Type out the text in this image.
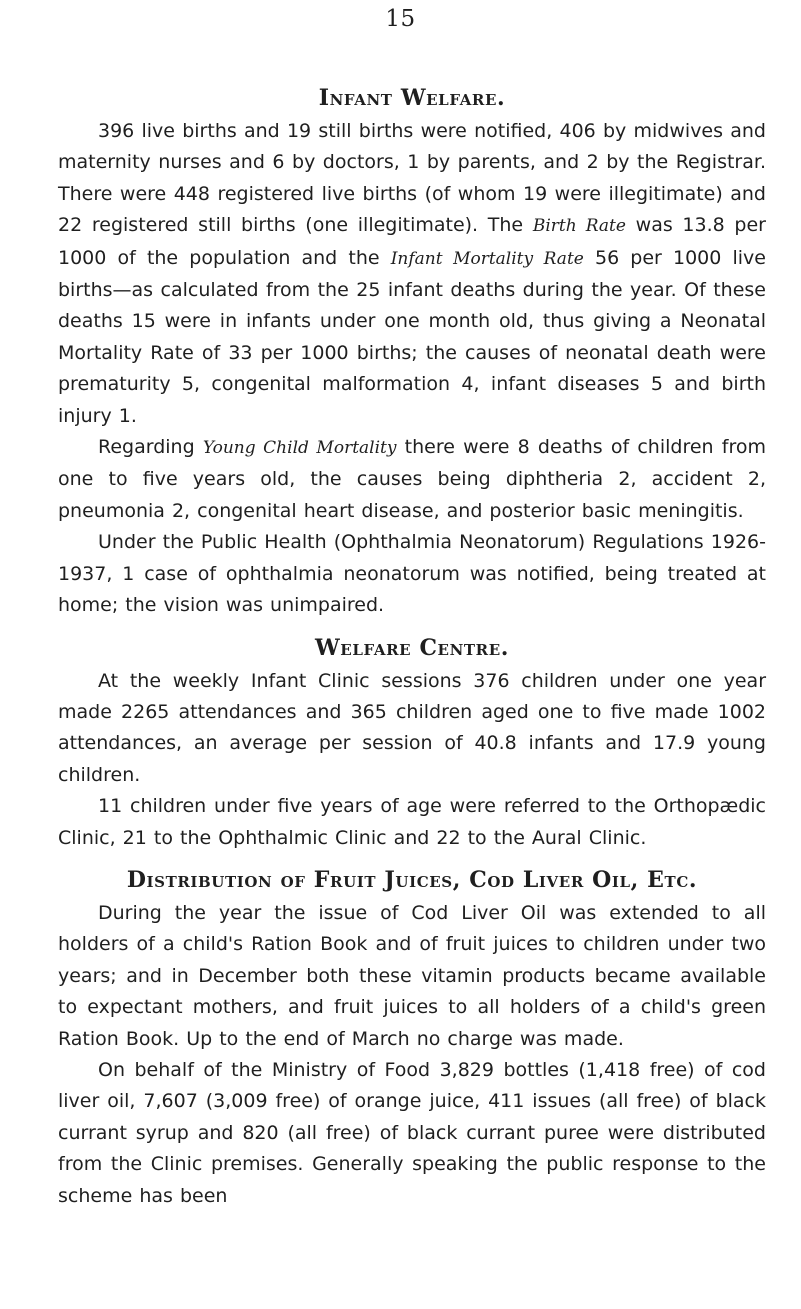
15
Infant Welfare.

396 live births and 19 still births were notified, 406 by midwives and maternity nurses and 6 by doctors, 1 by parents, and 2 by the Registrar. There were 448 registered live births (of whom 19 were illegitimate) and 22 registered still births (one illegitimate). The Birth Rate was 13.8 per 1000 of the population and the Infant Mortality Rate 56 per 1000 live births—as calculated from the 25 infant deaths during the year. Of these deaths 15 were in infants under one month old, thus giving a Neonatal Mortality Rate of 33 per 1000 births; the causes of neonatal death were prematurity 5, congenital malformation 4, infant diseases 5 and birth injury 1.

Regarding Young Child Mortality there were 8 deaths of children from one to five years old, the causes being diphtheria 2, accident 2, pneumonia 2, congenital heart disease, and posterior basic meningitis.

Under the Public Health (Ophthalmia Neonatorum) Regulations 1926-1937, 1 case of ophthalmia neonatorum was notified, being treated at home; the vision was unimpaired.

Welfare Centre.

At the weekly Infant Clinic sessions 376 children under one year made 2265 attendances and 365 children aged one to five made 1002 attendances, an average per session of 40.8 infants and 17.9 young children.

11 children under five years of age were referred to the Orthopædic Clinic, 21 to the Ophthalmic Clinic and 22 to the Aural Clinic.

Distribution of Fruit Juices, Cod Liver Oil, Etc.

During the year the issue of Cod Liver Oil was extended to all holders of a child's Ration Book and of fruit juices to children under two years; and in December both these vitamin products became available to expectant mothers, and fruit juices to all holders of a child's green Ration Book. Up to the end of March no charge was made.

On behalf of the Ministry of Food 3,829 bottles (1,418 free) of cod liver oil, 7,607 (3,009 free) of orange juice, 411 issues (all free) of black currant syrup and 820 (all free) of black currant puree were distributed from the Clinic premises. Generally speaking the public response to the scheme has been
